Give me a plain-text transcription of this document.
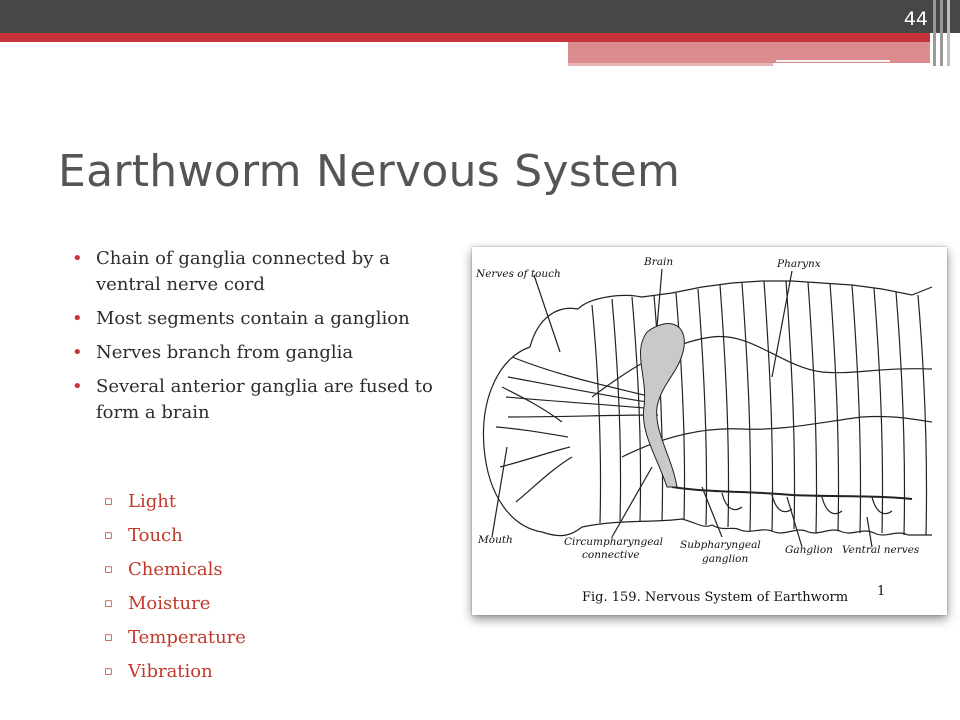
44
Earthworm Nervous System
• Chain of ganglia connected by a ventral nerve cord
• Most segments contain a ganglion
• Nerves branch from ganglia
• Several anterior ganglia are fused to form a brain
▫ Light
▫ Touch
▫ Chemicals
▫ Moisture
▫ Temperature
▫ Vibration
Nerves of touch
Brain	Pharynx
Mouth	Circumpharyngeal
connective
Subpharyngeal
ganglion
Ganglion Ventral nerves
Fig. 159. Nervous System of Earthworm 1
